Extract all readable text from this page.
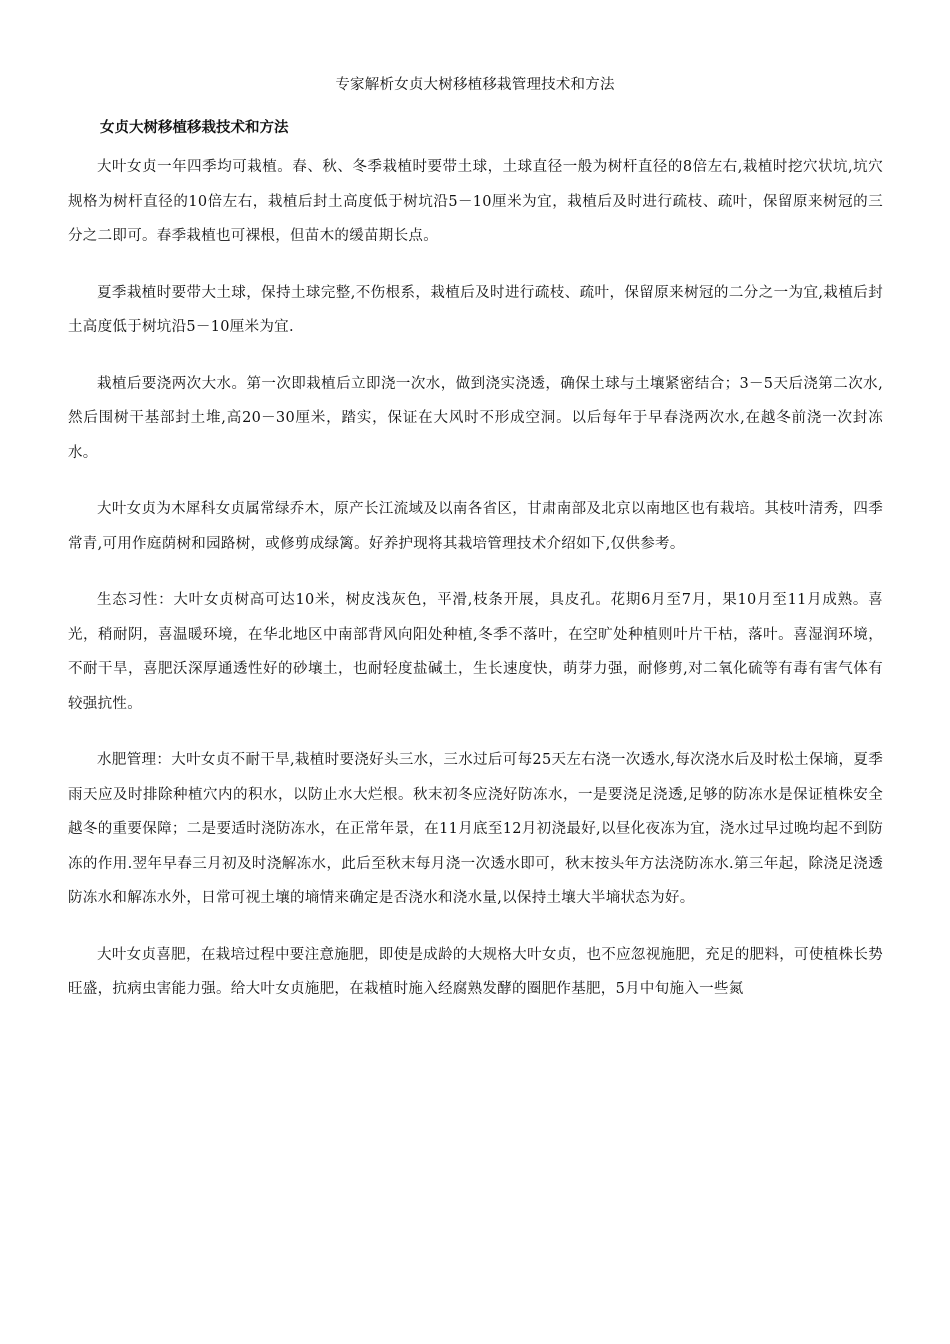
专家解析女贞大树移植移栽管理技术和方法
女贞大树移植移栽技术和方法

大叶女贞一年四季均可栽植。春、秋、冬季栽植时要带土球，土球直径一般为树杆直径的8倍左右,栽植时挖穴状坑,坑穴规格为树杆直径的10倍左右，栽植后封土高度低于树坑沿5－10厘米为宜，栽植后及时进行疏枝、疏叶，保留原来树冠的三分之二即可。春季栽植也可裸根，但苗木的缓苗期长点。

夏季栽植时要带大土球，保持土球完整,不伤根系，栽植后及时进行疏枝、疏叶，保留原来树冠的二分之一为宜,栽植后封土高度低于树坑沿5－10厘米为宜.

栽植后要浇两次大水。第一次即栽植后立即浇一次水，做到浇实浇透，确保土球与土壤紧密结合；3－5天后浇第二次水,然后围树干基部封土堆,高20－30厘米，踏实，保证在大风时不形成空洞。以后每年于早春浇两次水,在越冬前浇一次封冻水。

大叶女贞为木犀科女贞属常绿乔木，原产长江流域及以南各省区，甘肃南部及北京以南地区也有栽培。其枝叶清秀，四季常青,可用作庭荫树和园路树，或修剪成绿篱。好养护现将其栽培管理技术介绍如下,仅供参考。

生态习性：大叶女贞树高可达10米，树皮浅灰色，平滑,枝条开展，具皮孔。花期6月至7月，果10月至11月成熟。喜光，稍耐阴，喜温暖环境，在华北地区中南部背风向阳处种植,冬季不落叶，在空旷处种植则叶片干枯，落叶。喜湿润环境，不耐干旱，喜肥沃深厚通透性好的砂壤土，也耐轻度盐碱土，生长速度快，萌芽力强，耐修剪,对二氧化硫等有毒有害气体有较强抗性。

水肥管理：大叶女贞不耐干旱,栽植时要浇好头三水，三水过后可每25天左右浇一次透水,每次浇水后及时松土保墒，夏季雨天应及时排除种植穴内的积水，以防止水大烂根。秋末初冬应浇好防冻水，一是要浇足浇透,足够的防冻水是保证植株安全越冬的重要保障；二是要适时浇防冻水，在正常年景，在11月底至12月初浇最好,以昼化夜冻为宜，浇水过早过晚均起不到防冻的作用.翌年早春三月初及时浇解冻水，此后至秋末每月浇一次透水即可，秋末按头年方法浇防冻水.第三年起，除浇足浇透防冻水和解冻水外，日常可视土壤的墒情来确定是否浇水和浇水量,以保持土壤大半墒状态为好。

大叶女贞喜肥，在栽培过程中要注意施肥，即使是成龄的大规格大叶女贞，也不应忽视施肥，充足的肥料，可使植株长势旺盛，抗病虫害能力强。给大叶女贞施肥，在栽植时施入经腐熟发酵的圈肥作基肥，5月中旬施入一些氮
